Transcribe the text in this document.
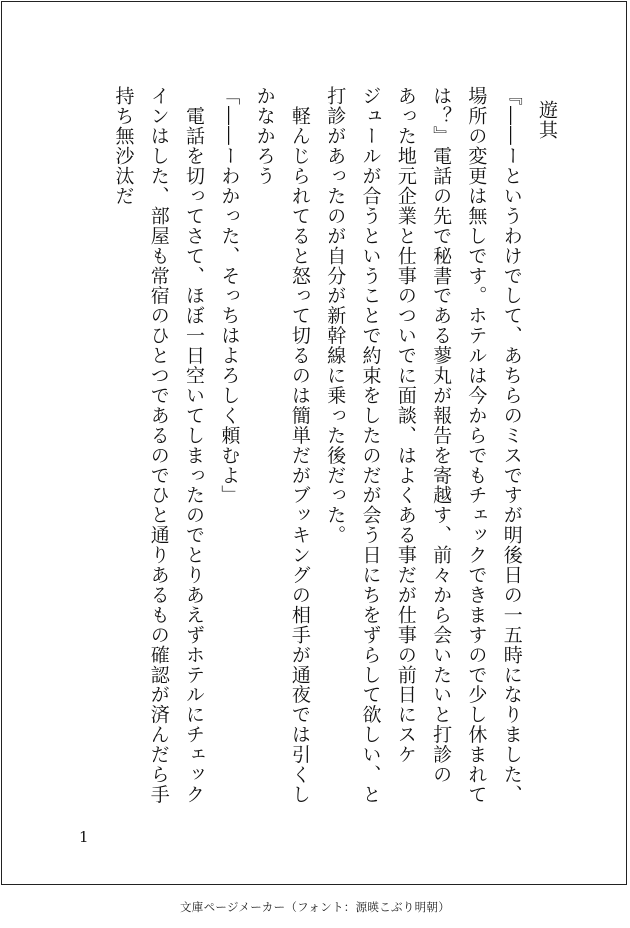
遊其

『――ーというわけでして、あちらのミスですが明後日の一五時になりました、

場所の変更は無しです。ホテルは今からでもチェックできますので少し休まれて

は？』電話の先で秘書である蓼丸が報告を寄越す、前々から会いたいと打診の

あった地元企業と仕事のついでに面談、はよくある事だが仕事の前日にスケ

ジュールが合うということで約束をしたのだが会う日にちをずらして欲しい、と

打診があったのが自分が新幹線に乗った後だった。

　軽んじられてると怒って切るのは簡単だがブッキングの相手が通夜では引くし

かなかろう

「――ーわかった、そっちはよろしく頼むよ」

　電話を切ってさて、ほぼ一日空いてしまったのでとりあえずホテルにチェック

インはした、部屋も常宿のひとつであるのでひと通りあるもの確認が済んだら手

持ち無沙汰だ

1
文庫ページメーカー（フォント：源暎こぶり明朝）
